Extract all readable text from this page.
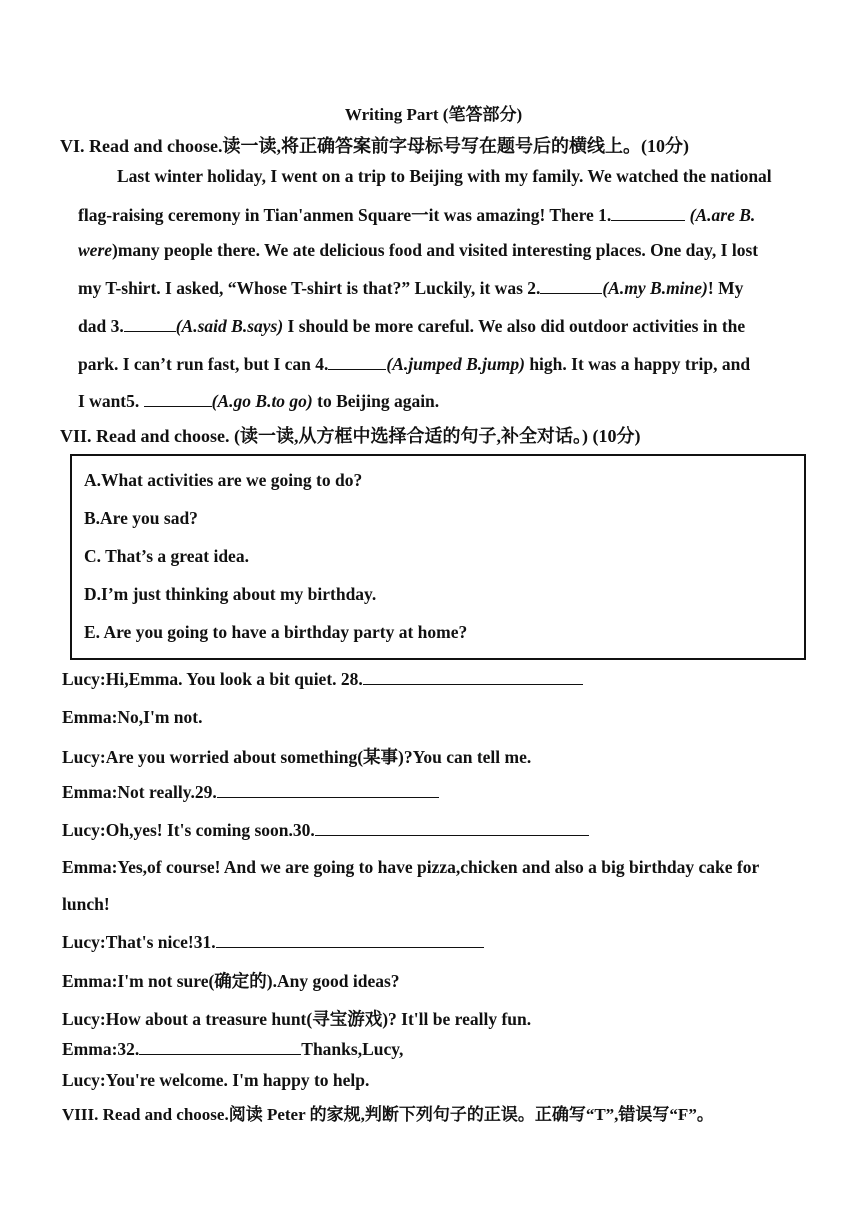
Writing Part (笔答部分)
VI. Read and choose.读一读,将正确答案前字母标号写在题号后的横线上。(10分)
Last winter holiday, I went on a trip to Beijing with my family. We watched the national
flag-raising ceremony in Tian'anmen Square一it was amazing! There 1.	(A.are B.
were)many people there. We ate delicious food and visited interesting places. One day, I lost
my T-shirt. I asked, “Whose T-shirt is that?” Luckily, it was 2.	(A.my B.mine)! My
dad 3.	(A.said B.says) I should be more careful. We also did outdoor activities in the
park. I can’t run fast, but I can 4.	(A.jumped B.jump) high. It was a happy trip, and
I want5.	(A.go B.to go) to Beijing again.
VII. Read and choose. (读一读,从方框中选择合适的句子,补全对话。) (10分)
A.What activities are we going to do?
B.Are you sad?
C. That’s a great idea.
D.I’m just thinking about my birthday.
E. Are you going to have a birthday party at home?
Lucy:Hi,Emma. You look a bit quiet. 28.
Emma:No,I'm not.
Lucy:Are you worried about something(某事)?You can tell me.
Emma:Not really.29.
Lucy:Oh,yes! It's coming soon.30.
Emma:Yes,of course! And we are going to have pizza,chicken and also a big birthday cake for
lunch!
Lucy:That's nice!31.
Emma:I'm not sure(确定的).Any good ideas?
Lucy:How about a treasure hunt(寻宝游戏)? It'll be really fun.
Emma:32.	Thanks,Lucy,
Lucy:You're welcome. I'm happy to help.
VIII. Read and choose.阅读 Peter 的家规,判断下列句子的正误。正确写“T”,错误写“F”。
